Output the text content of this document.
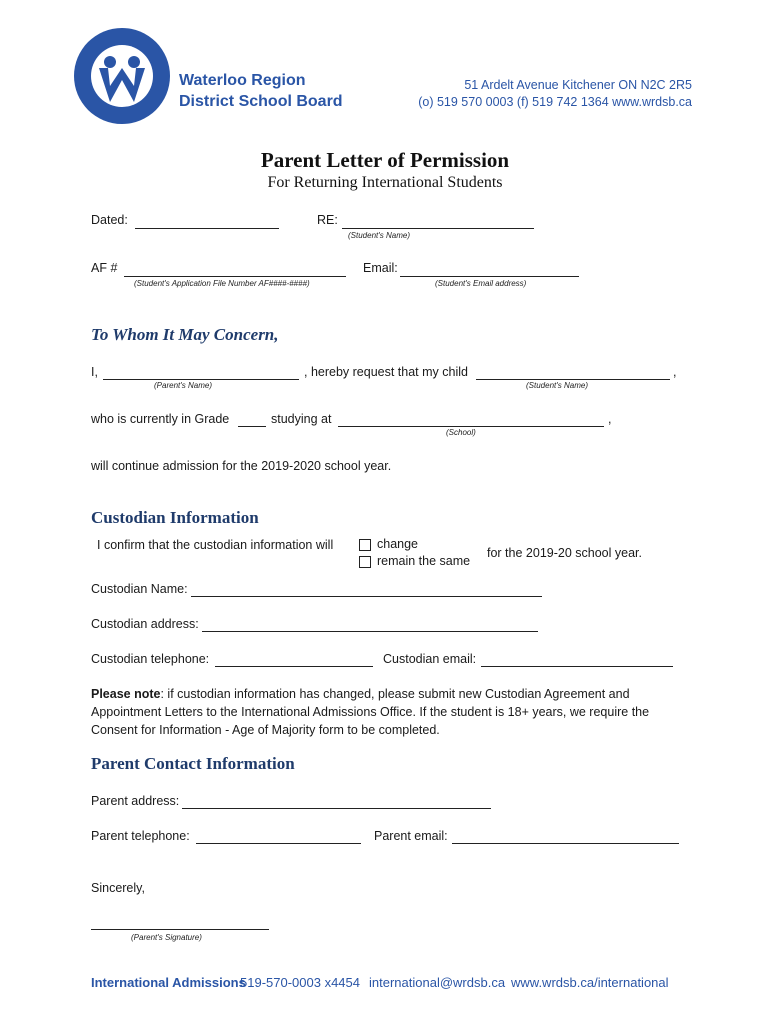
Waterloo Region
District School Board
51 Ardelt Avenue Kitchener ON N2C 2R5
(o) 519 570 0003 (f) 519 742 1364 www.wrdsb.ca
Parent Letter of Permission
For Returning International Students
Dated:	RE:
(Student's Name)
AF #
(Student's Application File Number AF####-####)
Email:
(Student's Email address)
To Whom It May Concern,
I,	, hereby request that my child	,
(Parent's Name)	(Student's Name)
who is currently in Grade	studying at	,
(School)
will continue admission for the 2019-2020 school year.
Custodian Information
I confirm that the custodian information will	change
remain the same
for the 2019-20 school year.
Custodian Name:
Custodian address:
Custodian telephone:	Custodian email:
Please note: if custodian information has changed, please submit new Custodian Agreement and Appointment Letters to the International Admissions Office. If the student is 18+ years, we require the Consent for Information - Age of Majority form to be completed.
Parent Contact Information
Parent address:
Parent telephone:	Parent email:
Sincerely,
(Parent's Signature)
International Admissions
519-570-0003 x4454 international@wrdsb.ca www.wrdsb.ca/international
